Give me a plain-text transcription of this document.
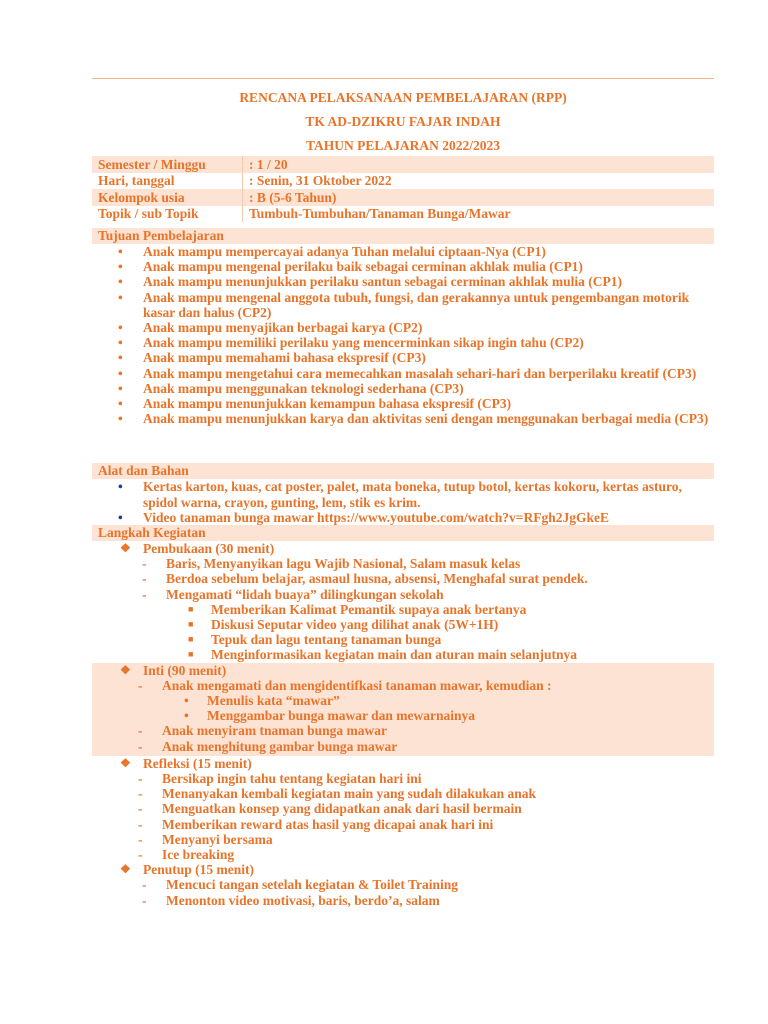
RENCANA PELAKSANAAN PEMBELAJARAN (RPP)
TK AD-DZIKRU FAJAR INDAH
TAHUN PELAJARAN 2022/2023
Semester / Minggu	: 1 / 20
Hari, tanggal	: Senin, 31 Oktober 2022
Kelompok usia	: B (5-6 Tahun)
Topik / sub Topik	Tumbuh-Tumbuhan/Tanaman Bunga/Mawar
Tujuan Pembelajaran
• Anak mampu mempercayai adanya Tuhan melalui ciptaan-Nya (CP1)
• Anak mampu mengenal perilaku baik sebagai cerminan akhlak mulia (CP1)
• Anak mampu menunjukkan perilaku santun sebagai cerminan akhlak mulia (CP1)
• Anak mampu mengenal anggota tubuh, fungsi, dan gerakannya untuk pengembangan motorik kasar dan halus (CP2)
• Anak mampu menyajikan berbagai karya (CP2)
• Anak mampu memiliki perilaku yang mencerminkan sikap ingin tahu (CP2)
• Anak mampu memahami bahasa ekspresif (CP3)
• Anak mampu mengetahui cara memecahkan masalah sehari-hari dan berperilaku kreatif (CP3)
• Anak mampu menggunakan teknologi sederhana (CP3)
• Anak mampu menunjukkan kemampun bahasa ekspresif (CP3)
• Anak mampu menunjukkan karya dan aktivitas seni dengan menggunakan berbagai media (CP3)
Alat dan Bahan
• Kertas karton, kuas, cat poster, palet, mata boneka, tutup botol, kertas kokoru, kertas asturo, spidol warna, crayon, gunting, lem, stik es krim.
• Video tanaman bunga mawar https://www.youtube.com/watch?v=RFgh2JgGkeE
Langkah Kegiatan
❖ Pembukaan (30 menit)
- Baris, Menyanyikan lagu Wajib Nasional, Salam masuk kelas
- Berdoa sebelum belajar, asmaul husna, absensi, Menghafal surat pendek.
- Mengamati “lidah buaya” dilingkungan sekolah
■ Memberikan Kalimat Pemantik supaya anak bertanya
■ Diskusi Seputar video yang dilihat anak (5W+1H)
■ Tepuk dan lagu tentang tanaman bunga
■ Menginformasikan kegiatan main dan aturan main selanjutnya
❖ Inti (90 menit)
- Anak mengamati dan mengidentifkasi tanaman mawar, kemudian :
• Menulis kata “mawar”
• Menggambar bunga mawar dan mewarnainya
- Anak menyiram tnaman bunga mawar
- Anak menghitung gambar bunga mawar
❖ Refleksi (15 menit)
- Bersikap ingin tahu tentang kegiatan hari ini
- Menanyakan kembali kegiatan main yang sudah dilakukan anak
- Menguatkan konsep yang didapatkan anak dari hasil bermain
- Memberikan reward atas hasil yang dicapai anak hari ini
- Menyanyi bersama
- Ice breaking
❖ Penutup (15 menit)
- Mencuci tangan setelah kegiatan & Toilet Training
- Menonton video motivasi, baris, berdo’a, salam
